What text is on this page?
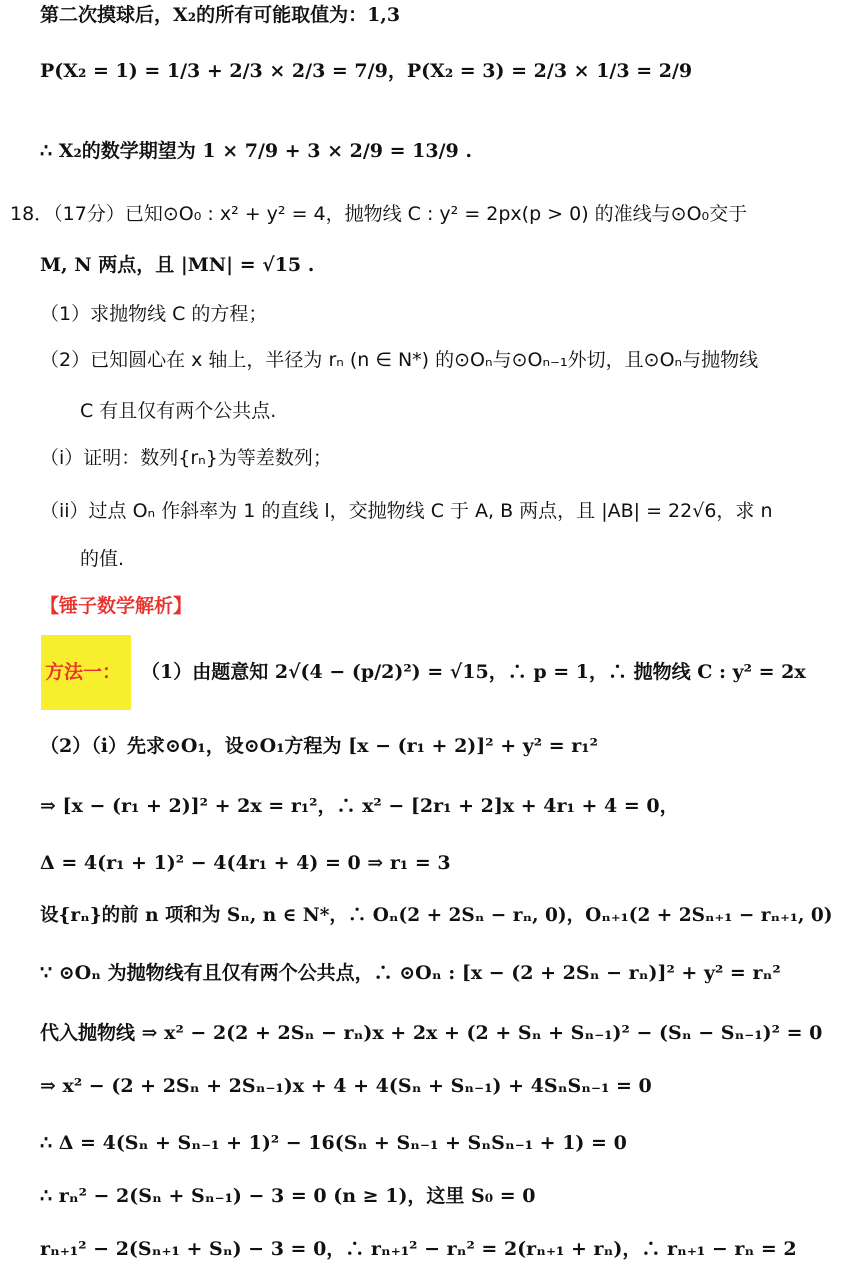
第二次摸球后，X₂的所有可能取值为：1,3
P(X₂ = 1) = 1/3 + 2/3 × 2/3 = 7/9，P(X₂ = 3) = 2/3 × 1/3 = 2/9
∴ X₂的数学期望为 1 × 7/9 + 3 × 2/9 = 13/9 .
18．（17分）已知⊙O₀ : x² + y² = 4，抛物线 C : y² = 2px(p > 0) 的准线与⊙O₀交于
M, N 两点，且 |MN| = √15 .
（1）求抛物线 C 的方程；
（2）已知圆心在 x 轴上，半径为 rₙ (n ∈ N*) 的⊙Oₙ与⊙Oₙ₋₁外切，且⊙Oₙ与抛物线
C 有且仅有两个公共点.
（i）证明：数列{rₙ}为等差数列；
（ii）过点 Oₙ 作斜率为 1 的直线 l，交抛物线 C 于 A, B 两点，且 |AB| = 22√6，求 n
的值.
【锤子数学解析】
方法一： （1）由题意知 2√(4 − (p/2)²) = √15，∴ p = 1，∴ 抛物线 C : y² = 2x
（2）（i）先求⊙O₁，设⊙O₁方程为 [x − (r₁ + 2)]² + y² = r₁²
⇒ [x − (r₁ + 2)]² + 2x = r₁²，∴ x² − [2r₁ + 2]x + 4r₁ + 4 = 0，
Δ = 4(r₁ + 1)² − 4(4r₁ + 4) = 0 ⇒ r₁ = 3
设{rₙ}的前 n 项和为 Sₙ, n ∈ N*，∴ Oₙ(2 + 2Sₙ − rₙ, 0)，Oₙ₊₁(2 + 2Sₙ₊₁ − rₙ₊₁, 0)
∵ ⊙Oₙ 为抛物线有且仅有两个公共点，∴ ⊙Oₙ : [x − (2 + 2Sₙ − rₙ)]² + y² = rₙ²
代入抛物线 ⇒ x² − 2(2 + 2Sₙ − rₙ)x + 2x + (2 + Sₙ + Sₙ₋₁)² − (Sₙ − Sₙ₋₁)² = 0
⇒ x² − (2 + 2Sₙ + 2Sₙ₋₁)x + 4 + 4(Sₙ + Sₙ₋₁) + 4SₙSₙ₋₁ = 0
∴ Δ = 4(Sₙ + Sₙ₋₁ + 1)² − 16(Sₙ + Sₙ₋₁ + SₙSₙ₋₁ + 1) = 0
∴ rₙ² − 2(Sₙ + Sₙ₋₁) − 3 = 0 (n ≥ 1)，这里 S₀ = 0
rₙ₊₁² − 2(Sₙ₊₁ + Sₙ) − 3 = 0，∴ rₙ₊₁² − rₙ² = 2(rₙ₊₁ + rₙ)，∴ rₙ₊₁ − rₙ = 2
